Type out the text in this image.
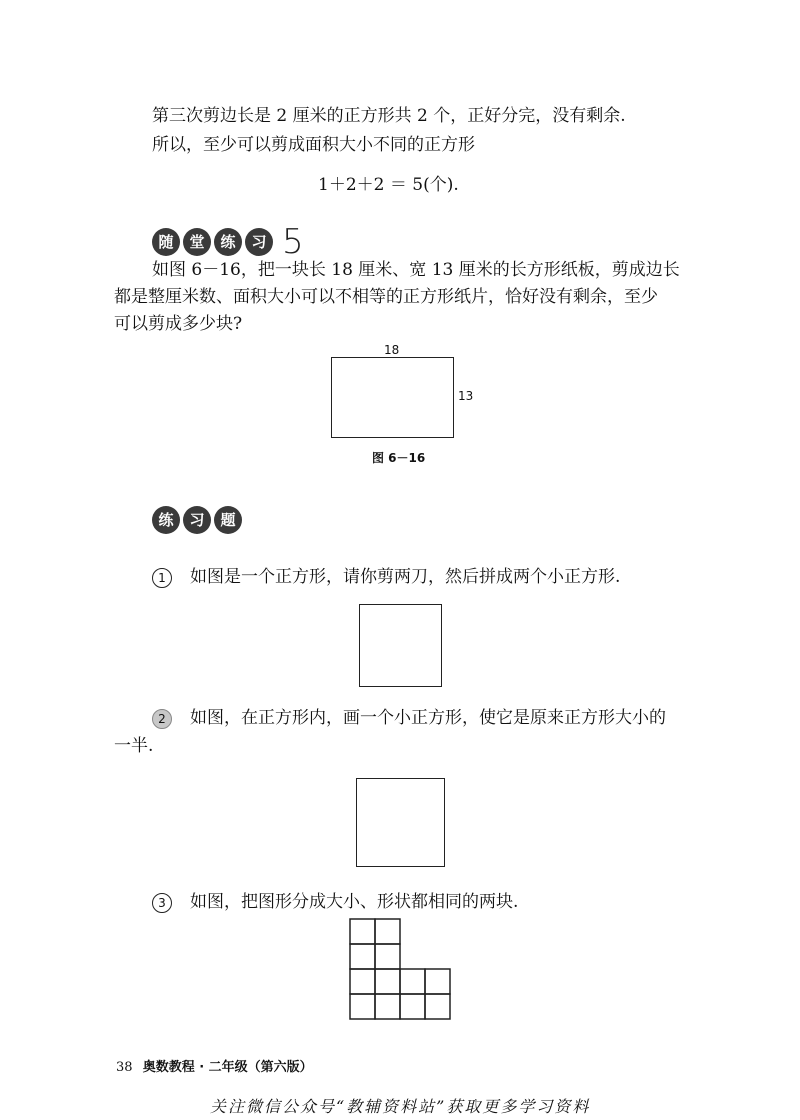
第三次剪边长是 2 厘米的正方形共 2 个，正好分完，没有剩余.
所以，至少可以剪成面积大小不同的正方形
1＋2＋2 ＝ 5(个).
随 堂 练 习 5
如图 6－16，把一块长 18 厘米、宽 13 厘米的长方形纸板，剪成边长
都是整厘米数、面积大小可以不相等的正方形纸片，恰好没有剩余，至少
可以剪成多少块?
18
13
图 6－16
练 习 题
1 如图是一个正方形，请你剪两刀，然后拼成两个小正方形.
2 如图，在正方形内，画一个小正方形，使它是原来正方形大小的
一半.
3 如图，把图形分成大小、形状都相同的两块.
38 奥数教程 · 二年级（第六版）
关注微信公众号“教辅资料站”获取更多学习资料
